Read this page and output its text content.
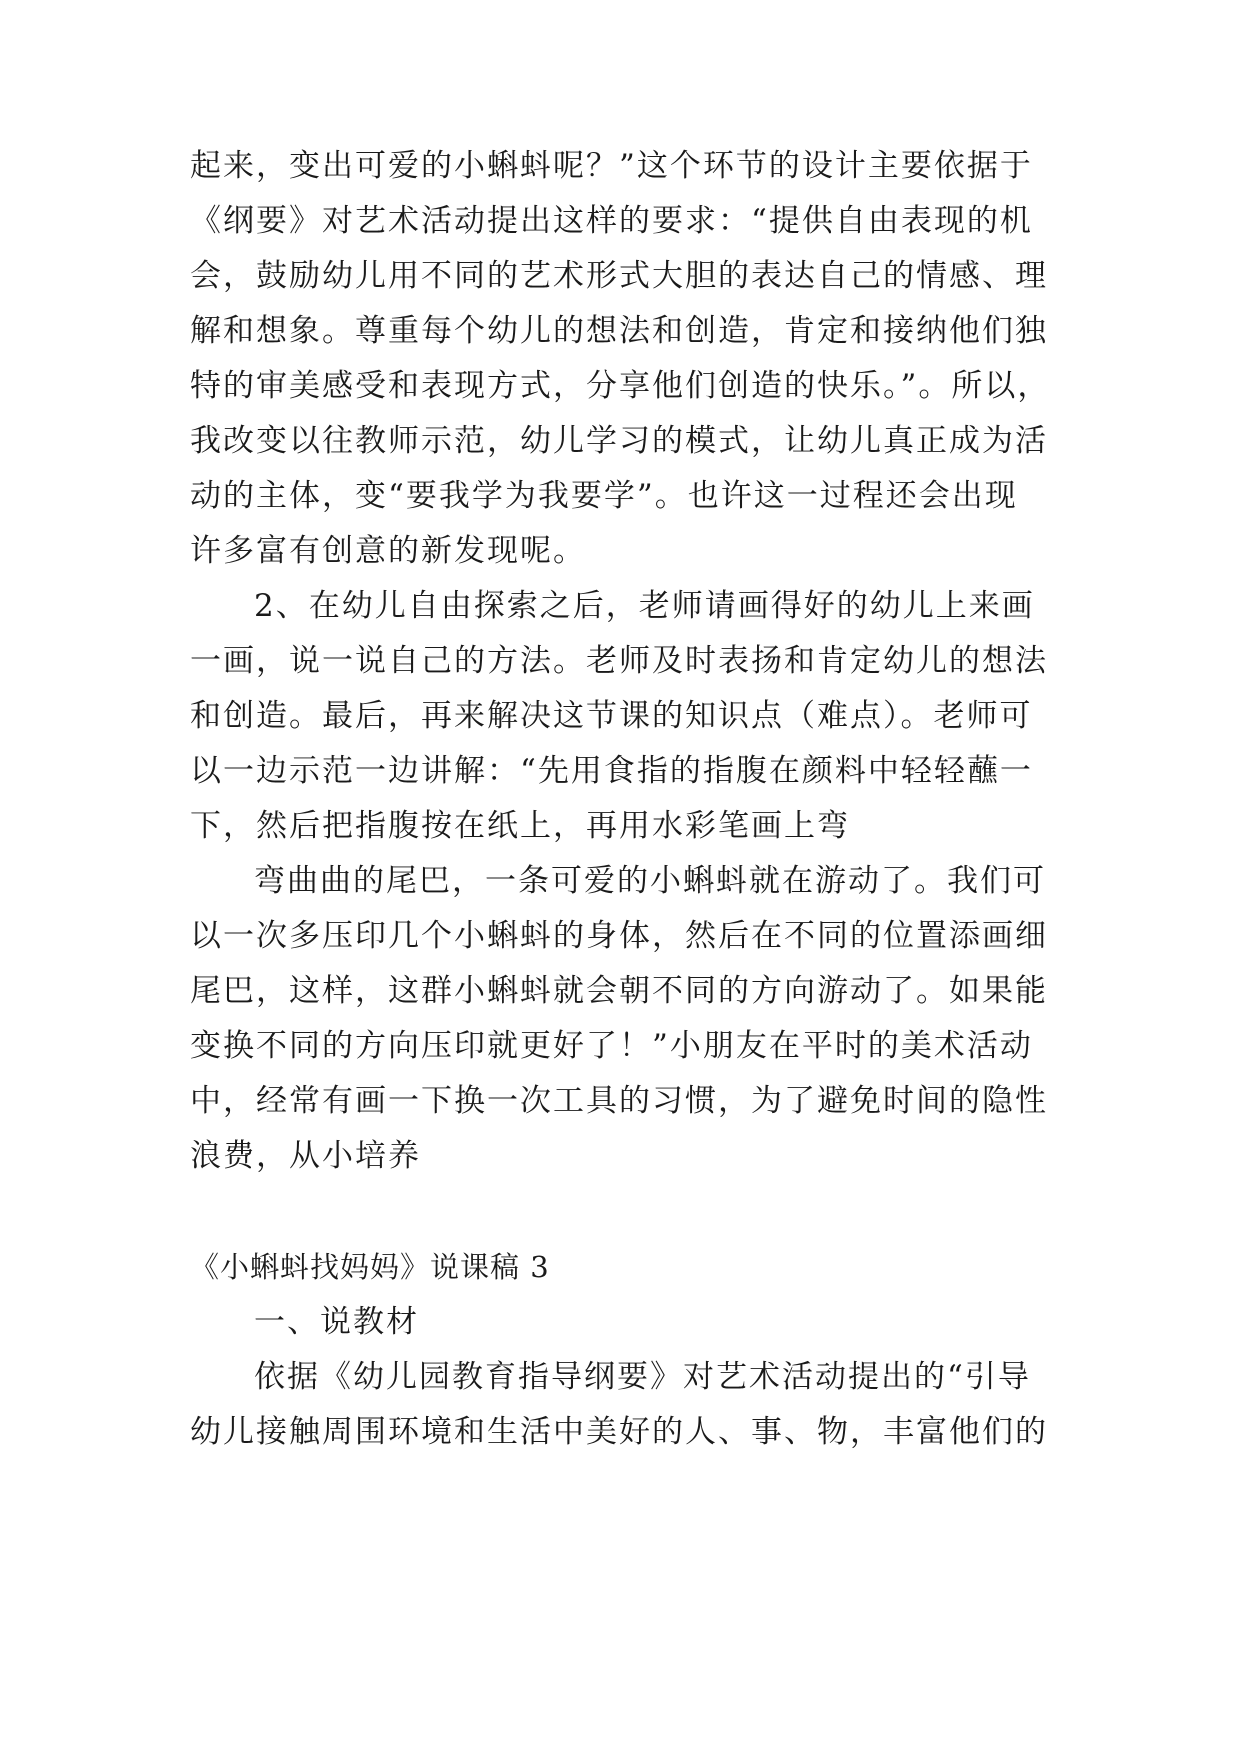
起来，变出可爱的小蝌蚪呢？”这个环节的设计主要依据于
《纲要》对艺术活动提出这样的要求：“提供自由表现的机
会，鼓励幼儿用不同的艺术形式大胆的表达自己的情感、理
解和想象。尊重每个幼儿的想法和创造，肯定和接纳他们独
特的审美感受和表现方式，分享他们创造的快乐。”。所以，
我改变以往教师示范，幼儿学习的模式，让幼儿真正成为活
动的主体，变“要我学为我要学”。也许这一过程还会出现
许多富有创意的新发现呢。
2、在幼儿自由探索之后，老师请画得好的幼儿上来画
一画，说一说自己的方法。老师及时表扬和肯定幼儿的想法
和创造。最后，再来解决这节课的知识点（难点）。老师可
以一边示范一边讲解：“先用食指的指腹在颜料中轻轻蘸一
下，然后把指腹按在纸上，再用水彩笔画上弯
弯曲曲的尾巴，一条可爱的小蝌蚪就在游动了。我们可
以一次多压印几个小蝌蚪的身体，然后在不同的位置添画细
尾巴，这样，这群小蝌蚪就会朝不同的方向游动了。如果能
变换不同的方向压印就更好了！”小朋友在平时的美术活动
中，经常有画一下换一次工具的习惯，为了避免时间的隐性
浪费，从小培养
《小蝌蚪找妈妈》说课稿 3
一、说教材
依据《幼儿园教育指导纲要》对艺术活动提出的“引导
幼儿接触周围环境和生活中美好的人、事、物，丰富他们的
